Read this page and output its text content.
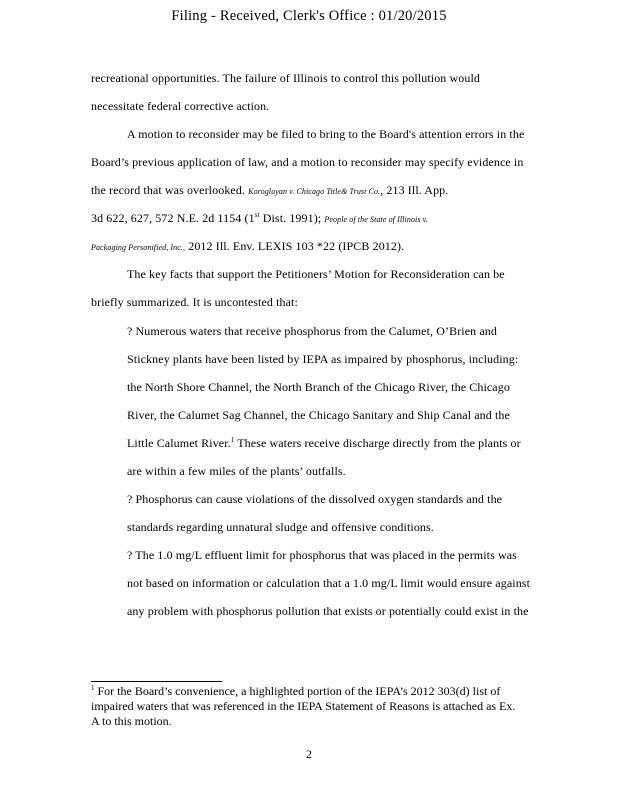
Filing - Received, Clerk's Office : 01/20/2015
recreational opportunities. The failure of Illinois to control this pollution would
necessitate federal corrective action.
A motion to reconsider may be filed to bring to the Board's attention errors in the
Board’s previous application of law, and a motion to reconsider may specify evidence in
the record that was overlooked. Korogluyan v. Chicago Title& Trust Co., 213 Ill. App.
3d 622, 627, 572 N.E. 2d 1154 (1st Dist. 1991); People of the State of Illinois v.
Packaging Personified, Inc., 2012 Ill. Env. LEXIS 103 *22 (IPCB 2012).
The key facts that support the Petitioners’ Motion for Reconsideration can be
briefly summarized. It is uncontested that:
? Numerous waters that receive phosphorus from the Calumet, O’Brien and
Stickney plants have been listed by IEPA as impaired by phosphorus, including:
the North Shore Channel, the North Branch of the Chicago River, the Chicago
River, the Calumet Sag Channel, the Chicago Sanitary and Ship Canal and the
Little Calumet River.$^1$ These waters receive discharge directly from the plants or
are within a few miles of the plants’ outfalls.
? Phosphorus can cause violations of the dissolved oxygen standards and the
standards regarding unnatural sludge and offensive conditions.
? The 1.0 mg/L effluent limit for phosphorus that was placed in the permits was
not based on information or calculation that a 1.0 mg/L limit would ensure against
any problem with phosphorus pollution that exists or potentially could exist in the
$^1$ For the Board’s convenience, a highlighted portion of the IEPA’s 2012 303(d) list of
impaired waters that was referenced in the IEPA Statement of Reasons is attached as Ex.
A to this motion.
2
